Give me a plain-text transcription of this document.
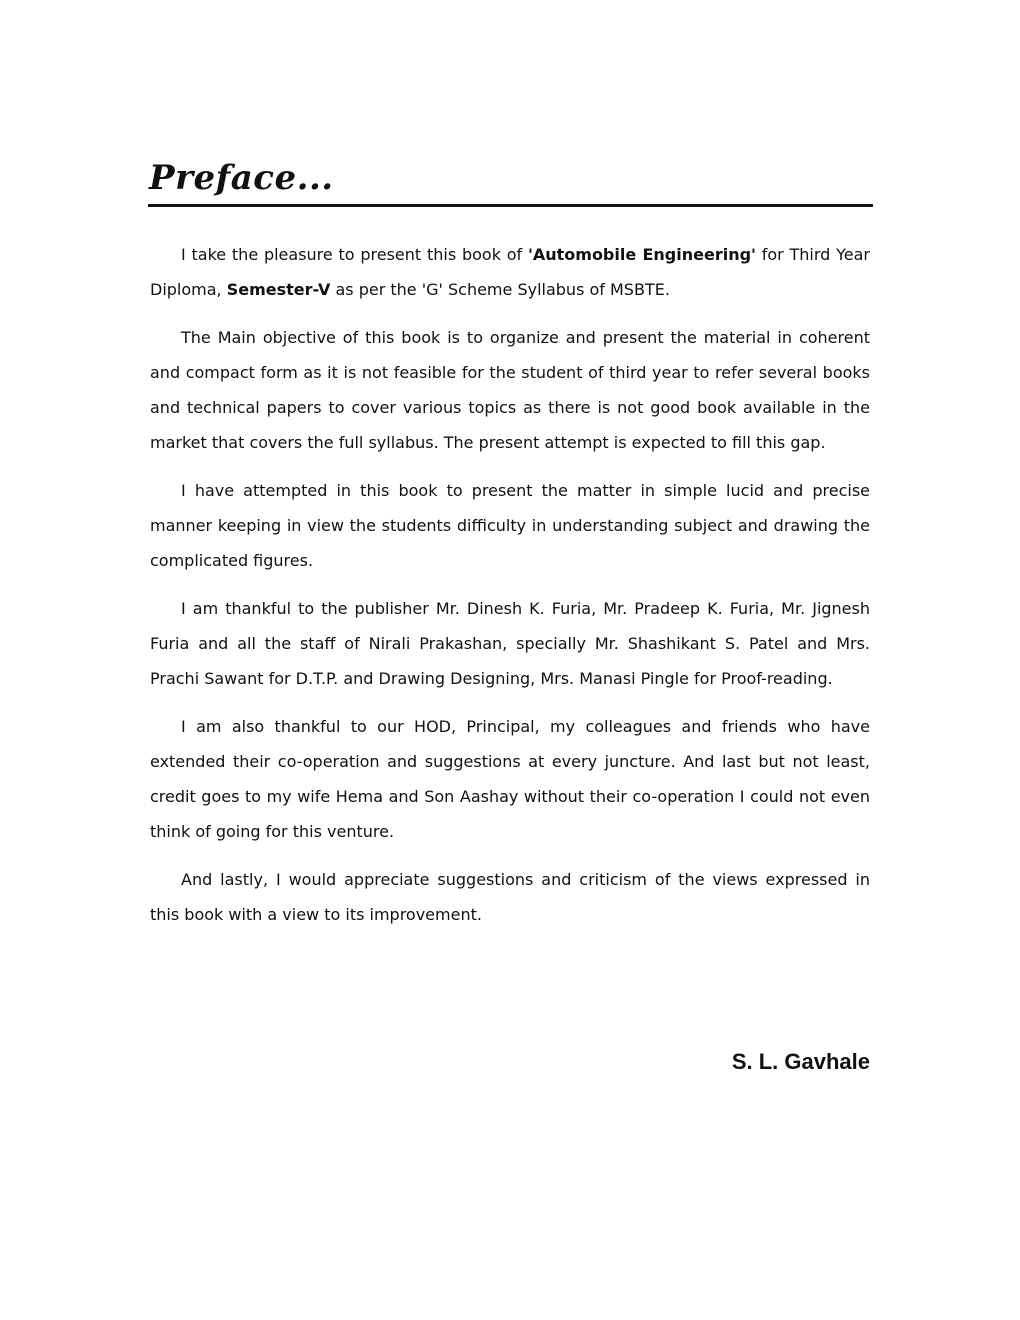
Preface...

I take the pleasure to present this book of 'Automobile Engineering' for Third Year Diploma, Semester-V as per the 'G' Scheme Syllabus of MSBTE.

The Main objective of this book is to organize and present the material in coherent and compact form as it is not feasible for the student of third year to refer several books and technical papers to cover various topics as there is not good book available in the market that covers the full syllabus. The present attempt is expected to fill this gap.

I have attempted in this book to present the matter in simple lucid and precise manner keeping in view the students difficulty in understanding subject and drawing the complicated figures.

I am thankful to the publisher Mr. Dinesh K. Furia, Mr. Pradeep K. Furia, Mr. Jignesh Furia and all the staff of Nirali Prakashan, specially Mr. Shashikant S. Patel and Mrs. Prachi Sawant for D.T.P. and Drawing Designing, Mrs. Manasi Pingle for Proof-reading.

I am also thankful to our HOD, Principal, my colleagues and friends who have extended their co-operation and suggestions at every juncture. And last but not least, credit goes to my wife Hema and Son Aashay without their co-operation I could not even think of going for this venture.

And lastly, I would appreciate suggestions and criticism of the views expressed in this book with a view to its improvement.

S. L. Gavhale
